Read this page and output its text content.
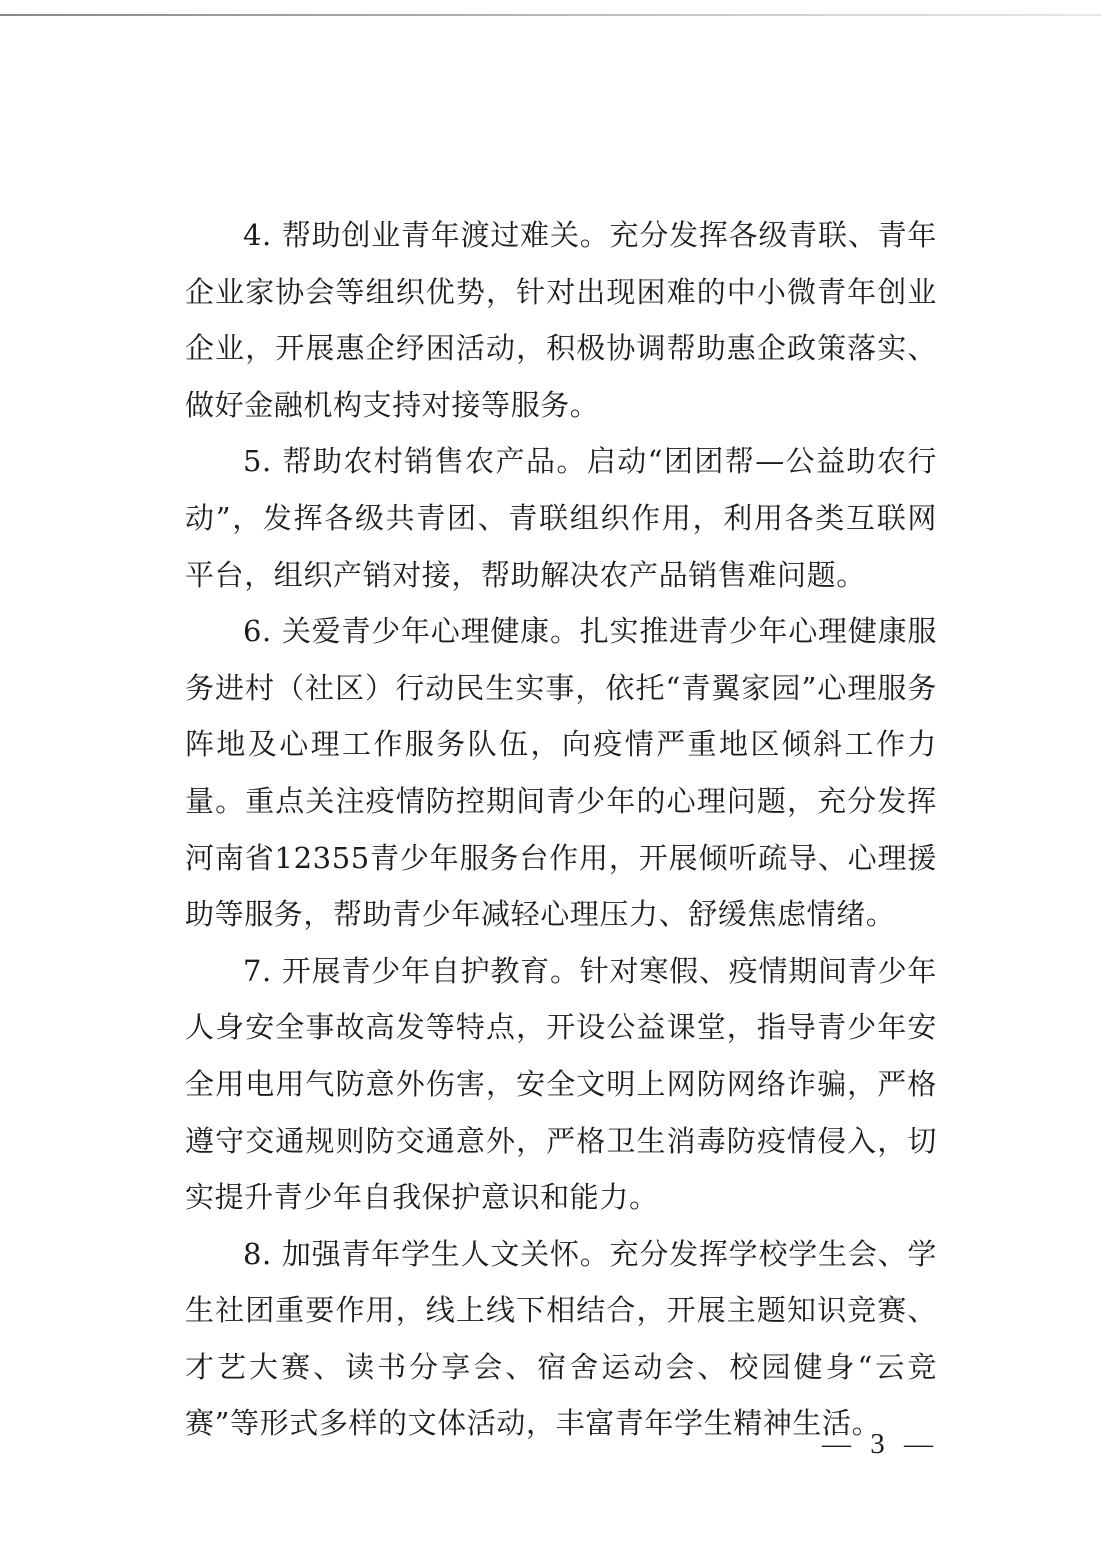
4. 帮助创业青年渡过难关。充分发挥各级青联、青年企业家协会等组织优势，针对出现困难的中小微青年创业企业，开展惠企纾困活动，积极协调帮助惠企政策落实、做好金融机构支持对接等服务。

5. 帮助农村销售农产品。启动“团团帮—公益助农行动”，发挥各级共青团、青联组织作用，利用各类互联网平台，组织产销对接，帮助解决农产品销售难问题。

6. 关爱青少年心理健康。扎实推进青少年心理健康服务进村（社区）行动民生实事，依托“青翼家园”心理服务阵地及心理工作服务队伍，向疫情严重地区倾斜工作力量。重点关注疫情防控期间青少年的心理问题，充分发挥河南省12355青少年服务台作用，开展倾听疏导、心理援助等服务，帮助青少年减轻心理压力、舒缓焦虑情绪。

7. 开展青少年自护教育。针对寒假、疫情期间青少年人身安全事故高发等特点，开设公益课堂，指导青少年安全用电用气防意外伤害，安全文明上网防网络诈骗，严格遵守交通规则防交通意外，严格卫生消毒防疫情侵入，切实提升青少年自我保护意识和能力。

8. 加强青年学生人文关怀。充分发挥学校学生会、学生社团重要作用，线上线下相结合，开展主题知识竞赛、才艺大赛、读书分享会、宿舍运动会、校园健身“云竞赛”等形式多样的文体活动，丰富青年学生精神生活。

— 3 —
